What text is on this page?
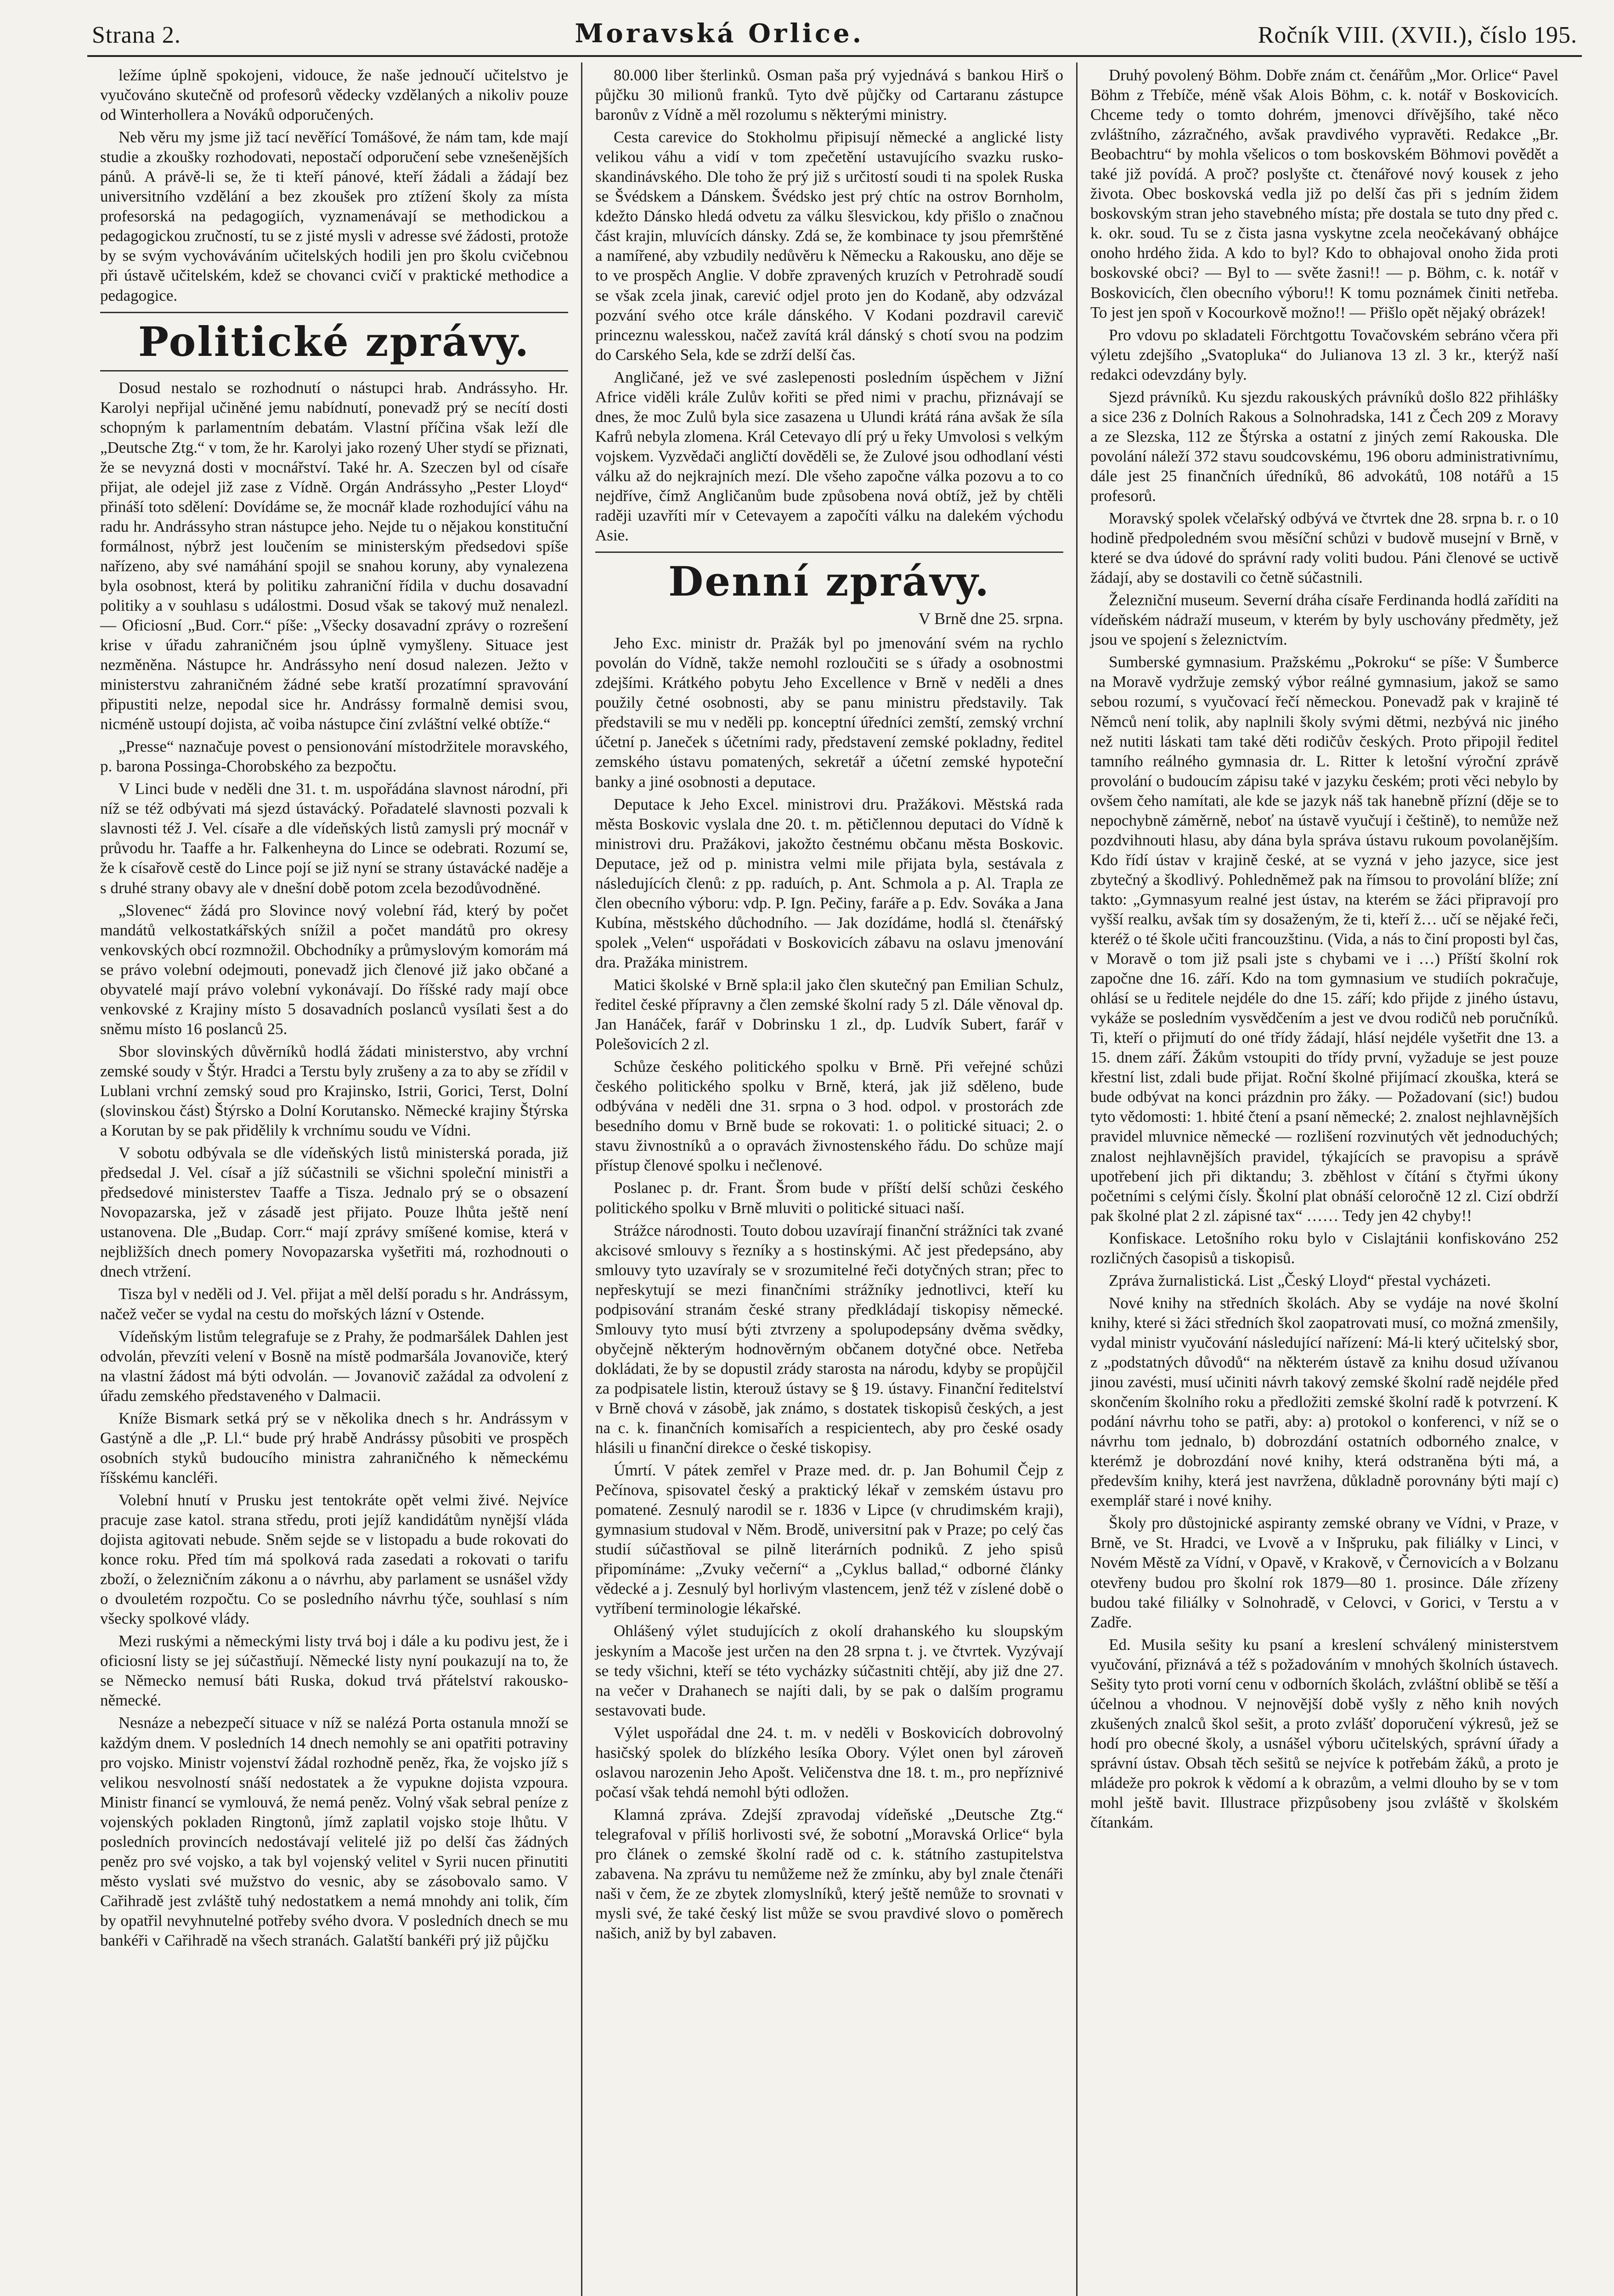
Strana 2.	Moravská Orlice.	Ročník VIII. (XVII.), číslo 195.

ležíme úplně spokojeni, vidouce, že naše jednoučí učitelstvo je vyučováno skutečně od profesorů vědecky vzdělaných a nikoliv pouze od Winterhollera a Nováků odporučených.

Neb věru my jsme již tací nevěřící Tomášové, že nám tam, kde mají studie a zkoušky rozhodovati, nepostačí odporučení sebe vznešenějších pánů. A právě-li se, že ti kteří pánové, kteří žádali a žádají bez universitního vzdělání a bez zkoušek pro ztížení školy za místa profesorská na pedagogiích, vyznamenávají se methodickou a pedagogickou zručností, tu se z jisté mysli v adresse své žádosti, protože by se svým vychováváním učitelských hodili jen pro školu cvičebnou při ústavě učitelském, kdež se chovanci cvičí v praktické methodice a pedagogice.

Politické zprávy.

Dosud nestalo se rozhodnutí o nástupci hrab. Andrássyho. Hr. Karolyi nepřijal učiněné jemu nabídnutí, ponevadž prý se necítí dosti schopným k parlamentním debatám. Vlastní příčina však leží dle „Deutsche Ztg.“ v tom, že hr. Karolyi jako rozený Uher stydí se přiznati, že se nevyzná dosti v mocnářství. Také hr. A. Szeczen byl od císaře přijat, ale odejel již zase z Vídně. Orgán Andrássyho „Pester Lloyd“ přináší toto sdělení: Dovídáme se, že mocnář klade rozhodující váhu na radu hr. Andrássyho stran nástupce jeho. Nejde tu o nějakou konstituční formálnost, nýbrž jest loučením se ministerským předsedovi spíše nařízeno, aby své namáhání spojil se snahou koruny, aby vynalezena byla osobnost, která by politiku zahraniční řídila v duchu dosavadní politiky a v souhlasu s událostmi. Dosud však se takový muž nenalezl. — Oficiosní „Bud. Corr.“ píše: „Všecky dosavadní zprávy o rozrešení krise v úřadu zahraničném jsou úplně vymyšleny. Situace jest nezměněna. Nástupce hr. Andrássyho není dosud nalezen. Ježto v ministerstvu zahraničném žádné sebe kratší prozatímní spravování připustiti nelze, nepodal sice hr. Andrássy formalně demisi svou, nicméně ustoupí dojista, ač voiba nástupce činí zvláštní velké obtíže.“

„Presse“ naznačuje povest o pensionování místodržitele moravského, p. barona Possinga-Chorobského za bezpočtu.

V Linci bude v neděli dne 31. t. m. uspořádána slavnost národní, při níž se též odbývati má sjezd ústavácký. Pořadatelé slavnosti pozvali k slavnosti též J. Vel. císaře a dle vídeňských listů zamysli prý mocnář v průvodu hr. Taaffe a hr. Falkenheyna do Lince se odebrati. Rozumí se, že k císařově cestě do Lince pojí se již nyní se strany ústavácké naděje a s druhé strany obavy ale v dnešní době potom zcela bezodůvodněné.

„Slovenec“ žádá pro Slovince nový volební řád, který by počet mandátů velkostatkářských snížil a počet mandátů pro okresy venkovských obcí rozmnožil. Obchodníky a průmyslovým komorám má se právo volební odejmouti, ponevadž jich členové již jako občané a obyvatelé mají právo volební vykonávají. Do říšské rady mají obce venkovské z Krajiny místo 5 dosavadních poslanců vysílati šest a do sněmu místo 16 poslanců 25.

Sbor slovinských důvěrníků hodlá žádati ministerstvo, aby vrchní zemské soudy v Štýr. Hradci a Terstu byly zrušeny a za to aby se zřídil v Lublani vrchní zemský soud pro Krajinsko, Istrii, Gorici, Terst, Dolní (slovinskou část) Štýrsko a Dolní Korutansko. Německé krajiny Štýrska a Korutan by se pak přidělily k vrchnímu soudu ve Vídni.

V sobotu odbývala se dle vídeňských listů ministerská porada, již předsedal J. Vel. císař a jíž súčastnili se všichni společní ministři a předsedové ministerstev Taaffe a Tisza. Jednalo prý se o obsazení Novopazarska, jež v zásadě jest přijato. Pouze lhůta ještě není ustanovena. Dle „Budap. Corr.“ mají zprávy smíšené komise, která v nejbližších dnech pomery Novopazarska vyšetřiti má, rozhodnouti o dnech vtržení.

Tisza byl v neděli od J. Vel. přijat a měl delší poradu s hr. Andrássym, načež večer se vydal na cestu do mořských lázní v Ostende.

Vídeňským listům telegrafuje se z Prahy, že podmaršálek Dahlen jest odvolán, převzíti velení v Bosně na místě podmaršála Jovanoviče, který na vlastní žádost má býti odvolán. — Jovanovič zažádal za odvolení z úřadu zemského představeného v Dalmacii.

Kníže Bismark setká prý se v několika dnech s hr. Andrássym v Gastýně a dle „P. Ll.“ bude prý hrabě Andrássy působiti ve prospěch osobních styků budoucího ministra zahraničného k německému říšskému kancléři.

Volební hnutí v Prusku jest tentokráte opět velmi živé. Nejvíce pracuje zase katol. strana středu, proti jejíž kandidátům nynější vláda dojista agitovati nebude. Sněm sejde se v listopadu a bude rokovati do konce roku. Před tím má spolková rada zasedati a rokovati o tarifu zboží, o železničním zákonu a o návrhu, aby parlament se usnášel vždy o dvouletém rozpočtu. Co se posledního návrhu týče, souhlasí s ním všecky spolkové vlády.

Mezi ruskými a německými listy trvá boj i dále a ku podivu jest, že i oficiosní listy se jej súčastňují. Německé listy nyní poukazují na to, že se Německo nemusí báti Ruska, dokud trvá přátelství rakousko-německé.

Nesnáze a nebezpečí situace v níž se nalézá Porta ostanula množí se každým dnem. V posledních 14 dnech nemohly se ani opatřiti potraviny pro vojsko. Ministr vojenství žádal rozhodně peněz, řka, že vojsko jíž s velikou nesvolností snáší nedostatek a že vypukne dojista vzpoura. Ministr financí se vymlouvá, že nemá peněz. Volný však sebral peníze z vojenských pokladen Ringtonů, jímž zaplatil vojsko stoje lhůtu. V posledních provincích nedostávají velitelé již po delší čas žádných peněz pro své vojsko, a tak byl vojenský velitel v Syrii nucen přinutiti město vyslati své mužstvo do vesnic, aby se zásobovalo samo. V Cařihradě jest zvláště tuhý nedostatkem a nemá mnohdy ani tolik, čím by opatřil nevyhnutelné potřeby svého dvora. V posledních dnech se mu bankéři v Cařihradě na všech stranách. Galatští bankéři prý již půjčku

80.000 liber šterlinků. Osman paša prý vyjednává s bankou Hirš o půjčku 30 milionů franků. Tyto dvě půjčky od Cartaranu zástupce baronův z Vídně a měl rozolumu s některými ministry.

Cesta carevice do Stokholmu připisují německé a anglické listy velikou váhu a vidí v tom zpečetění ustavujícího svazku rusko-skandinávského. Dle toho že prý již s určitostí soudi ti na spolek Ruska se Švédskem a Dánskem. Švédsko jest prý chtíc na ostrov Bornholm, kdežto Dánsko hledá odvetu za válku šlesvickou, kdy přišlo o značnou část krajin, mluvících dánsky. Zdá se, že kombinace ty jsou přemrštěné a namířené, aby vzbudily nedůvěru k Německu a Rakousku, ano děje se to ve prospěch Anglie. V dobře zpravených kruzích v Petrohradě soudí se však zcela jinak, carević odjel proto jen do Kodaně, aby odzvázal pozvání svého otce krále dánského. V Kodani pozdravil carevič princeznu walesskou, načež zavítá král dánský s chotí svou na podzim do Carského Sela, kde se zdrží delší čas.

Angličané, jež ve své zaslepenosti posledním úspěchem v Jižní Africe viděli krále Zulův kořiti se před nimi v prachu, přiznávají se dnes, že moc Zulů byla sice zasazena u Ulundi krátá rána avšak že síla Kafrů nebyla zlomena. Král Cetevayo dlí prý u řeky Umvolosi s velkým vojskem. Vyzvědači angličtí dověděli se, že Zulové jsou odhodlaní vésti válku až do nejkrajních mezí. Dle všeho započne válka pozovu a to co nejdříve, čímž Angličanům bude způsobena nová obtíž, jež by chtěli raději uzavříti mír v Cetevayem a započíti válku na dalekém východu Asie.

Denní zprávy.
V Brně dne 25. srpna.

Jeho Exc. ministr dr. Pražák byl po jmenování svém na rychlo povolán do Vídně, takže nemohl rozloučiti se s úřady a osobnostmi zdejšími. Krátkého pobytu Jeho Excellence v Brně v neděli a dnes použily četné osobnosti, aby se panu ministru představily. Tak představili se mu v neděli pp. konceptní úředníci zemští, zemský vrchní účetní p. Janeček s účetními rady, představení zemské pokladny, ředitel zemského ústavu pomatených, sekretář a účetní zemské hypoteční banky a jiné osobnosti a deputace.

Deputace k Jeho Excel. ministrovi dru. Pražákovi. Městská rada města Boskovic vyslala dne 20. t. m. pětičlennou deputaci do Vídně k ministrovi dru. Pražákovi, jakožto čestnému občanu města Boskovic. Deputace, jež od p. ministra velmi mile přijata byla, sestávala z následujících členů: z pp. raduích, p. Ant. Schmola a p. Al. Trapla ze člen obecního výboru: vdp. P. Ign. Pečiny, faráře a p. Edv. Sováka a Jana Kubína, městského důchodního. — Jak dozídáme, hodlá sl. čtenářský spolek „Velen“ uspořádati v Boskovicích zábavu na oslavu jmenování dra. Pražáka ministrem.

Matici školské v Brně spla:il jako člen skutečný pan Emilian Schulz, ředitel české přípravny a člen zemské školní rady 5 zl. Dále věnoval dp. Jan Hanáček, farář v Dobrinsku 1 zl., dp. Ludvík Subert, farář v Polešovicích 2 zl.

Schůze českého politického spolku v Brně. Při veřejné schůzi českého politického spolku v Brně, která, jak již sděleno, bude odbývána v neděli dne 31. srpna o 3 hod. odpol. v prostorách zde besedního domu v Brně bude se rokovati: 1. o politické situaci; 2. o stavu živnostníků a o opravách živnostenského řádu. Do schůze mají přístup členové spolku i nečlenové.

Poslanec p. dr. Frant. Šrom bude v příští delší schůzi českého politického spolku v Brně mluviti o politické situaci naší.

Strážce národnosti. Touto dobou uzavírají finanční strážníci tak zvané akcisové smlouvy s řezníky a s hostinskými. Ač jest předepsáno, aby smlouvy tyto uzavíraly se v srozumitelné řeči dotyčných stran; přec to nepřeskytují se mezi finančními strážníky jednotlivci, kteří ku podpisování stranám české strany předkládají tiskopisy německé. Smlouvy tyto musí býti ztvrzeny a spolupodepsány dvěma svědky, obyčejně některým hodnověrným občanem dotyčné obce. Netřeba dokládati, že by se dopustil zrády starosta na národu, kdyby se propůjčil za podpisatele listin, kterouž ústavy se § 19. ústavy. Finanční ředitelství v Brně chová v zásobě, jak známo, s dostatek tiskopisů českých, a jest na c. k. finančních komisařích a respicientech, aby pro české osady hlásili u finanční direkce o české tiskopisy.

Úmrtí. V pátek zemřel v Praze med. dr. p. Jan Bohumil Čejp z Pečínova, spisovatel český a praktický lékař v zemském ústavu pro pomatené. Zesnulý narodil se r. 1836 v Lipce (v chrudimském kraji), gymnasium studoval v Něm. Brodě, universitní pak v Praze; po celý čas studií súčastňoval se pilně literárních podniků. Z jeho spisů připomínáme: „Zvuky večerní“ a „Cyklus ballad,“ odborné články vědecké a j. Zesnulý byl horlivým vlastencem, jenž též v zíslené době o vytříbení terminologie lékařské.

Ohlášený výlet studujících z okolí drahanského ku sloupským jeskyním a Macoše jest určen na den 28 srpna t. j. ve čtvrtek. Vyzývají se tedy všichni, kteří se této vycházky súčastniti chtějí, aby již dne 27. na večer v Drahanech se najíti dali, by se pak o dalším programu sestavovati bude.

Výlet uspořádal dne 24. t. m. v neděli v Boskovicích dobrovolný hasičský spolek do blízkého lesíka Obory. Výlet onen byl zároveň oslavou narozenin Jeho Apošt. Veličenstva dne 18. t. m., pro nepříznivé počasí však tehdá nemohl býti odložen.

Klamná zpráva. Zdejší zpravodaj vídeňské „Deutsche Ztg.“ telegrafoval v příliš horlivosti své, že sobotní „Moravská Orlice“ byla pro článek o zemské školní radě od c. k. státního zastupitelstva zabavena. Na zprávu tu nemůžeme než že zmínku, aby byl znale čtenáři naši v čem, že ze zbytek zlomyslníků, který ještě nemůže to srovnati v mysli své, že také český list může se svou pravdivé slovo o poměrech našich, aniž by byl zabaven.

Druhý povolený Böhm. Dobře znám ct. čenářům „Mor. Orlice“ Pavel Böhm z Třebíče, méně však Alois Böhm, c. k. notář v Boskovicích. Chceme tedy o tomto dohrém, jmenovci dřívějšího, také něco zvláštního, zázračného, avšak pravdivého vypravěti. Redakce „Br. Beobachtru“ by mohla všelicos o tom boskovském Böhmovi povědět a také již povídá. A proč? poslyšte ct. čtenářové nový kousek z jeho života. Obec boskovská vedla již po delší čas při s jedním židem boskovským stran jeho stavebného místa; pře dostala se tuto dny před c. k. okr. soud. Tu se z čista jasna vyskytne zcela neočekávaný obhájce onoho hrdého žida. A kdo to byl? Kdo to obhajoval onoho žida proti boskovské obci? — Byl to — světe žasni!! — p. Böhm, c. k. notář v Boskovicích, člen obecního výboru!! K tomu poznámek činiti netřeba. To jest jen spoň v Kocourkově možno!! — Přišlo opět nějaký obrázek!

Pro vdovu po skladateli Förchtgottu Tovačovském sebráno včera při výletu zdejšího „Svatopluka“ do Julianova 13 zl. 3 kr., kterýž naší redakci odevzdány byly.

Sjezd právníků. Ku sjezdu rakouských právníků došlo 822 přihlášky a sice 236 z Dolních Rakous a Solnohradska, 141 z Čech 209 z Moravy a ze Slezska, 112 ze Štýrska a ostatní z jiných zemí Rakouska. Dle povolání náleží 372 stavu soudcovskému, 196 oboru administrativnímu, dále jest 25 finančních úředníků, 86 advokátů, 108 notářů a 15 profesorů.

Moravský spolek včelařský odbývá ve čtvrtek dne 28. srpna b. r. o 10 hodině předpoledném svou měsíční schůzi v budově musejní v Brně, v které se dva údové do správní rady voliti budou. Páni členové se uctivě žádají, aby se dostavili co četně súčastnili.

Železniční museum. Severní dráha císaře Ferdinanda hodlá zaříditi na vídeňském nádraží museum, v kterém by byly uschovány předměty, jež jsou ve spojení s železnictvím.

Sumberské gymnasium. Pražskému „Pokroku“ se píše: V Šumberce na Moravě vydržuje zemský výbor reálné gymnasium, jakož se samo sebou rozumí, s vyučovací řečí německou. Ponevadž pak v krajině té Němců není tolik, aby naplnili školy svými dětmi, nezbývá nic jiného než nutiti láskati tam také děti rodičův českých. Proto připojil ředitel tamního reálného gymnasia dr. L. Ritter k letošní výroční zprávě provolání o budoucím zápisu také v jazyku českém; proti věci nebylo by ovšem čeho namítati, ale kde se jazyk náš tak hanebně přízní (děje se to nepochybně záměrně, neboť na ústavě vyučují i češtině), to nemůže než pozdvihnouti hlasu, aby dána byla správa ústavu rukoum povolanějším. Kdo řídí ústav v krajině české, at se vyzná v jeho jazyce, sice jest zbytečný a škodlivý. Pohledněmež pak na římsou to provolání blíže; zní takto: „Gymnasyum realné jest ústav, na kterém se žáci připravojí pro vyšší realku, avšak tím sy dosaženým, že ti, kteří ž… učí se nějaké řeči, kteréž o té škole učiti francouzštinu. (Vida, a nás to činí proposti byl čas, v Moravě o tom již psali jste s chybami ve i …) Příští školní rok započne dne 16. září. Kdo na tom gymnasium ve studiích pokračuje, ohlásí se u ředitele nejdéle do dne 15. září; kdo přijde z jiného ústavu, vykáže se posledním vysvědčením a jest ve dvou rodičů neb poručníků. Ti, kteří o přijmutí do oné třídy žádají, hlásí nejdéle vyšetřit dne 13. a 15. dnem září. Žákům vstoupiti do třídy první, vyžaduje se jest pouze křestní list, zdali bude přijat. Roční školné přijímací zkouška, která se bude odbývat na konci prázdnin pro žáky. — Požadovaní (sic!) budou tyto vědomosti: 1. hbité čtení a psaní německé; 2. znalost nejhlavnějších pravidel mluvnice německé — rozlišení rozvinutých vět jednoduchých; znalost nejhlavnějších pravidel, týkajících se pravopisu a správě upotřebení jich při diktandu; 3. zběhlost v čítání s čtyřmi úkony početními s celými čísly. Školní plat obnáší celoročně 12 zl. Cizí obdrží pak školné plat 2 zl. zápisné tax“ …… Tedy jen 42 chyby!!

Konfiskace. Letošního roku bylo v Cislajtánii konfiskováno 252 rozličných časopisů a tiskopisů.

Zpráva žurnalistická. List „Český Lloyd“ přestal vycházeti.

Nové knihy na středních školách. Aby se vydáje na nové školní knihy, které si žáci středních škol zaopatrovati musí, co možná zmenšily, vydal ministr vyučování následující nařízení: Má-li který učitelský sbor, z „podstatných důvodů“ na některém ústavě za knihu dosud užívanou jinou zavésti, musí učiniti návrh takový zemské školní radě nejdéle před skončením školního roku a předložiti zemské školní radě k potvrzení. K podání návrhu toho se patři, aby: a) protokol o konferenci, v níž se o návrhu tom jednalo, b) dobrozdání ostatních odborného znalce, v kterémž je dobrozdání nové knihy, která odstraněna býti má, a především knihy, která jest navržena, důkladně porovnány býti mají c) exemplář staré i nové knihy.

Školy pro důstojnické aspiranty zemské obrany ve Vídni, v Praze, v Brně, ve St. Hradci, ve Lvově a v Inšpruku, pak filiálky v Linci, v Novém Městě za Vídní, v Opavě, v Krakově, v Černovicích a v Bolzanu otevřeny budou pro školní rok 1879—80 1. prosince. Dále zřízeny budou také filiálky v Solnohradě, v Celovci, v Gorici, v Terstu a v Zadře.

Ed. Musila sešity ku psaní a kreslení schválený ministerstvem vyučování, přiznává a též s požadováním v mnohých školních ústavech. Sešity tyto proti vorní cenu v odborních školách, zvláštní oblibě se těší a účelnou a vhodnou. V nejnovější době vyšly z něho knih nových zkušených znalců škol sešit, a proto zvlášť doporučení výkresů, jež se hodí pro obecné školy, a usnášel výboru učitelských, správní úřady a správní ústav. Obsah těch sešitů se nejvíce k potřebám žáků, a proto je mládeže pro pokrok k vědomí a k obrazům, a velmi dlouho by se v tom mohl ještě bavit. Illustrace přizpůsobeny jsou zvláště v školském čítankám.
